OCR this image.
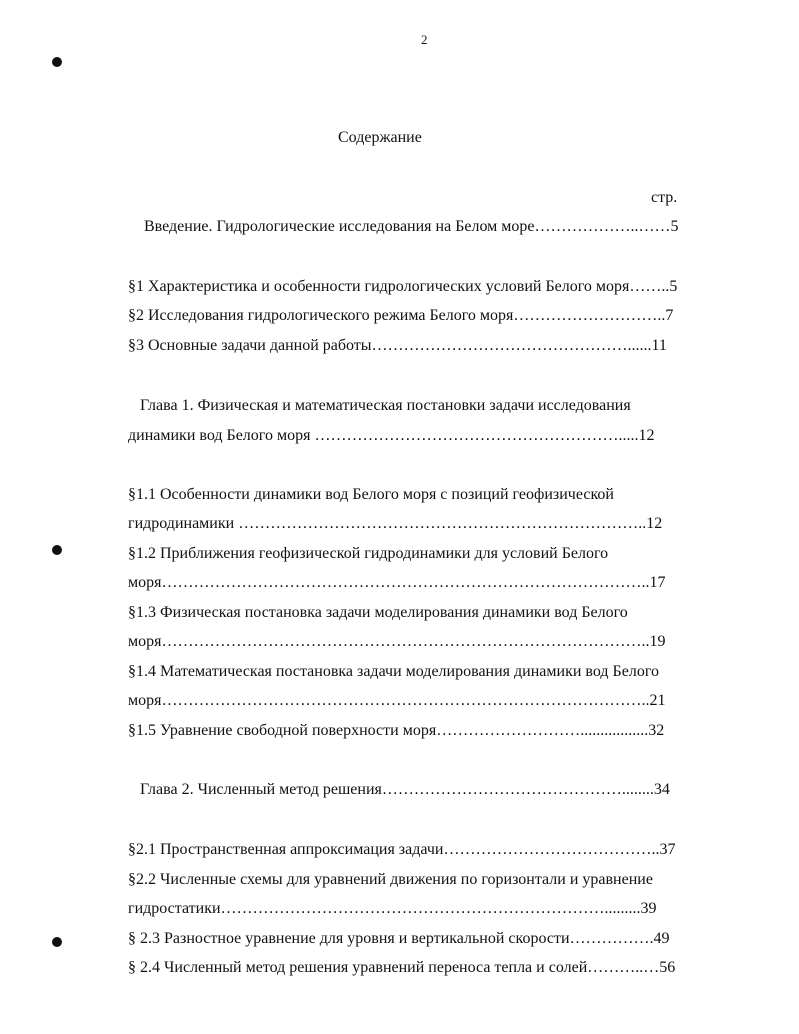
2
Содержание
стр.
Введение. Гидрологические исследования на Белом море………………..……5
§1 Характеристика и особенности гидрологических условий Белого моря……..5
§2 Исследования гидрологического режима Белого моря………………………..7
§3 Основные задачи данной работы…………………………………………......11
Глава 1. Физическая и математическая постановки задачи исследования
динамики вод Белого моря ………………………………………………….....12
§1.1 Особенности динамики вод Белого моря с позиций геофизической
гидродинамики …………………………………………………………………..12
§1.2 Приближения геофизической гидродинамики для условий Белого
моря………………………………………………………………………………..17
§1.3 Физическая постановка задачи моделирования динамики вод Белого
моря………………………………………………………………………………..19
§1.4 Математическая постановка задачи моделирования динамики вод Белого
моря………………………………………………………………………………..21
§1.5 Уравнение свободной поверхности моря……………………….................32
Глава 2. Численный метод решения………………………………………........34
§2.1 Пространственная аппроксимация задачи…………………………………..37
§2.2 Численные схемы для уравнений движения по горизонтали и уравнение
гидростатики……………………………………………………………….........39
§ 2.3 Разностное уравнение для уровня и вертикальной скорости…………….49
§ 2.4 Численный метод решения уравнений переноса тепла и солей………..…56
